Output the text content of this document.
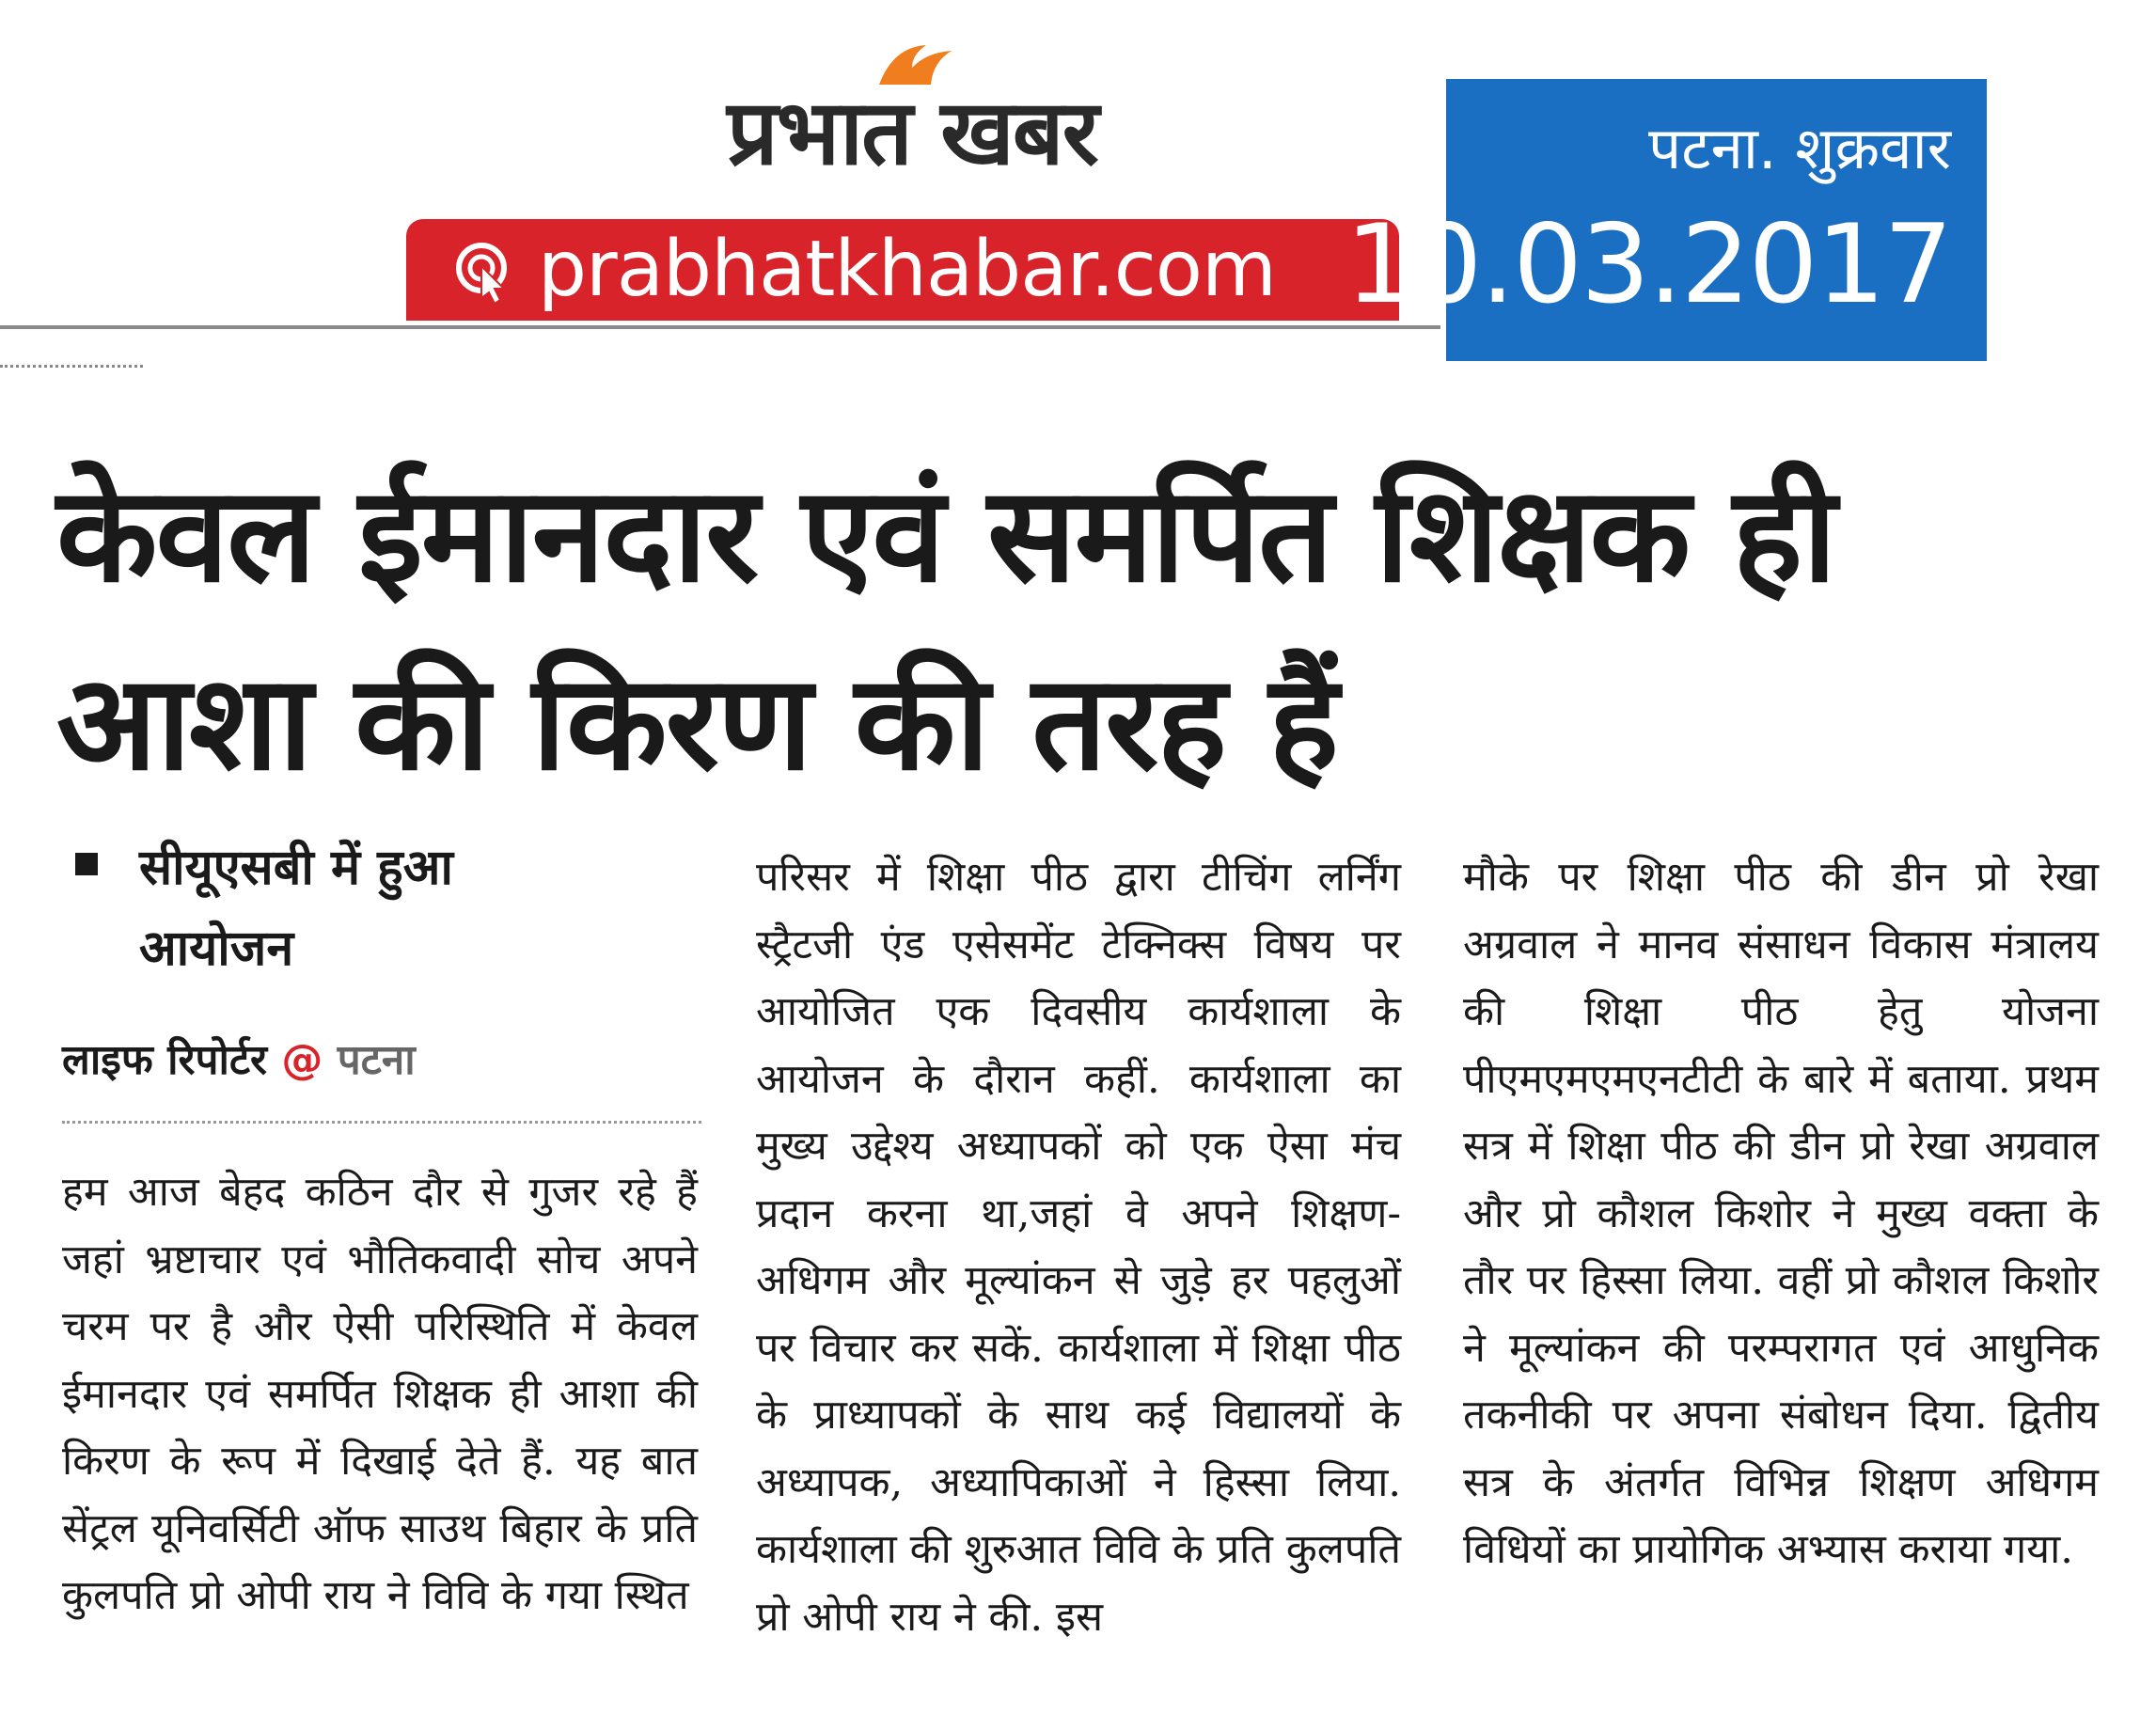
प्रभात खबर
prabhatkhabar.com
पटना. शुक्रवार
10.03.2017
केवल ईमानदार एवं समर्पित शिक्षक ही आशा की किरण की तरह हैं
सीयूएसबी में हुआ आयोजन
लाइफ रिपोर्टर @ पटना
हम आज बेहद कठिन दौर से गुजर रहे हैं जहां भ्रष्टाचार एवं भौतिकवादी सोच अपने चरम पर है और ऐसी परिस्थिति में केवल ईमानदार एवं समर्पित शिक्षक ही आशा की किरण के रूप में दिखाई देते हैं. यह बात सेंट्रल यूनिवर्सिटी ऑफ साउथ बिहार के प्रति कुलपति प्रो ओपी राय ने विवि के गया स्थित
परिसर में शिक्षा पीठ द्वारा टीचिंग लर्निंग स्ट्रैटजी एंड एसेसमेंट टेक्निक्स विषय पर आयोजित एक दिवसीय कार्यशाला के आयोजन के दौरान कहीं. कार्यशाला का मुख्य उद्देश्य अध्यापकों को एक ऐसा मंच प्रदान करना था,जहां वे अपने शिक्षण-अधिगम और मूल्यांकन से जुड़े हर पहलुओं पर विचार कर सकें. कार्यशाला में शिक्षा पीठ के प्राध्यापकों के साथ कई विद्यालयों के अध्यापक, अध्यापिकाओं ने हिस्सा लिया. कार्यशाला की शुरुआत विवि के प्रति कुलपति प्रो ओपी राय ने की. इस
मौके पर शिक्षा पीठ की डीन प्रो रेखा अग्रवाल ने मानव संसाधन विकास मंत्रालय की शिक्षा पीठ हेतु योजना पीएमएमएमएनटीटी के बारे में बताया. प्रथम सत्र में शिक्षा पीठ की डीन प्रो रेखा अग्रवाल और प्रो कौशल किशोर ने मुख्य वक्ता के तौर पर हिस्सा लिया. वहीं प्रो कौशल किशोर ने मूल्यांकन की परम्परागत एवं आधुनिक तकनीकी पर अपना संबोधन दिया. द्वितीय सत्र के अंतर्गत विभिन्न शिक्षण अधिगम विधियों का प्रायोगिक अभ्यास कराया गया.
